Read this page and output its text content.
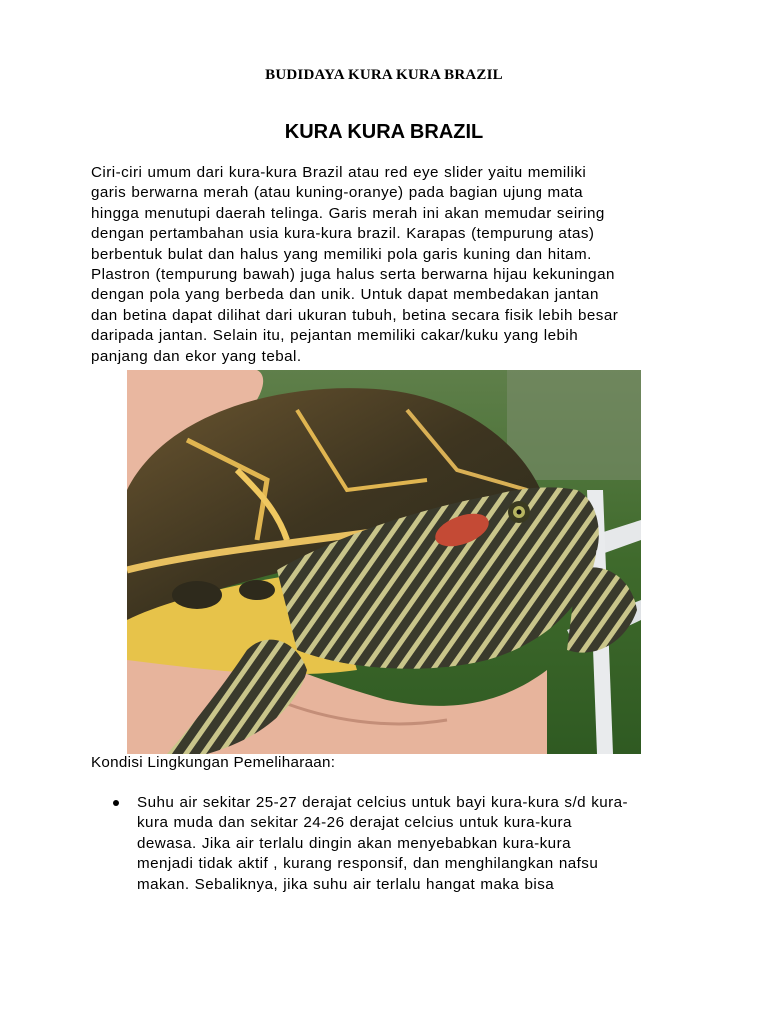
BUDIDAYA KURA KURA BRAZIL
KURA KURA BRAZIL

Ciri-ciri umum dari kura-kura Brazil atau red eye slider yaitu memiliki
garis berwarna merah (atau kuning-oranye) pada bagian ujung mata
hingga menutupi daerah telinga. Garis merah ini akan memudar seiring
dengan pertambahan usia kura-kura brazil. Karapas (tempurung atas)
berbentuk bulat dan halus yang memiliki pola garis kuning dan hitam.
Plastron (tempurung bawah) juga halus serta berwarna hijau kekuningan
dengan pola yang berbeda dan unik. Untuk dapat membedakan jantan
dan betina dapat dilihat dari ukuran tubuh, betina secara fisik lebih besar
daripada jantan. Selain itu, pejantan memiliki cakar/kuku yang lebih
panjang dan ekor yang tebal.

Kondisi Lingkungan Pemeliharaan:
Suhu air sekitar 25-27 derajat celcius untuk bayi kura-kura s/d kura-
kura muda dan sekitar 24-26 derajat celcius untuk kura-kura
dewasa. Jika air terlalu dingin akan menyebabkan kura-kura
menjadi tidak aktif , kurang responsif, dan menghilangkan nafsu
makan. Sebaliknya, jika suhu air terlalu hangat maka bisa
